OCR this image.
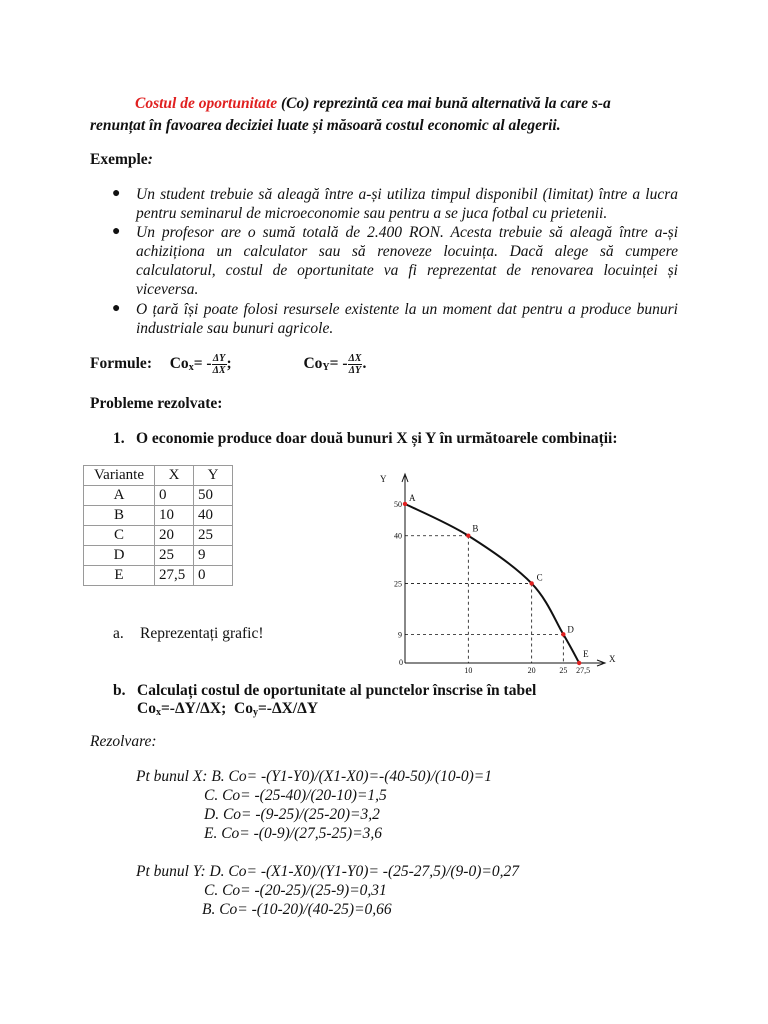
Costul de oportunitate (Co) reprezintă cea mai bună alternativă la care s-a
renunțat în favoarea deciziei luate și măsoară costul economic al alegerii.
Exemple:
● Un student trebuie să aleagă între a-și utiliza timpul disponibil (limitat) între a lucra pentru seminarul de microeconomie sau pentru a se juca fotbal cu prietenii.
● Un profesor are o sumă totală de 2.400 RON. Acesta trebuie să aleagă între a-și achiziționa un calculator sau să renoveze locuința. Dacă alege să cumpere calculatorul, costul de oportunitate va fi reprezentat de renovarea locuinței și viceversa.
● O țară își poate folosi resursele existente la un moment dat pentru a produce bunuri industriale sau bunuri agricole.
Formule: $Co_x= - \frac{\Delta Y}{\Delta X}$ ;	$Co_Y= - \frac{\Delta X}{\Delta Y}$ .
Probleme rezolvate:
1. O economie produce doar două bunuri X și Y în următoarele combinații:
Variante	X	Y
A	0	50
B	10	40
C	20	25
D	25	9
E	27,5	0
Y
X
0
50
40
25
9
10	20	25 27,5
A
B
C
D
E
a. Reprezentați grafic!
b. Calculați costul de oportunitate al punctelor înscrise în tabel
$Co_x=-\Delta Y/\Delta X$; $Co_y=-\Delta X/\Delta Y$
Rezolvare:
Pt bunul X: B. Co= -(Y1-Y0)/(X1-X0)=-(40-50)/(10-0)=1
C. Co= -(25-40)/(20-10)=1,5
D. Co= -(9-25)/(25-20)=3,2
E. Co= -(0-9)/(27,5-25)=3,6
Pt bunul Y: D. Co= -(X1-X0)/(Y1-Y0)= -(25-27,5)/(9-0)=0,27
C. Co= -(20-25)/(25-9)=0,31
B. Co= -(10-20)/(40-25)=0,66
